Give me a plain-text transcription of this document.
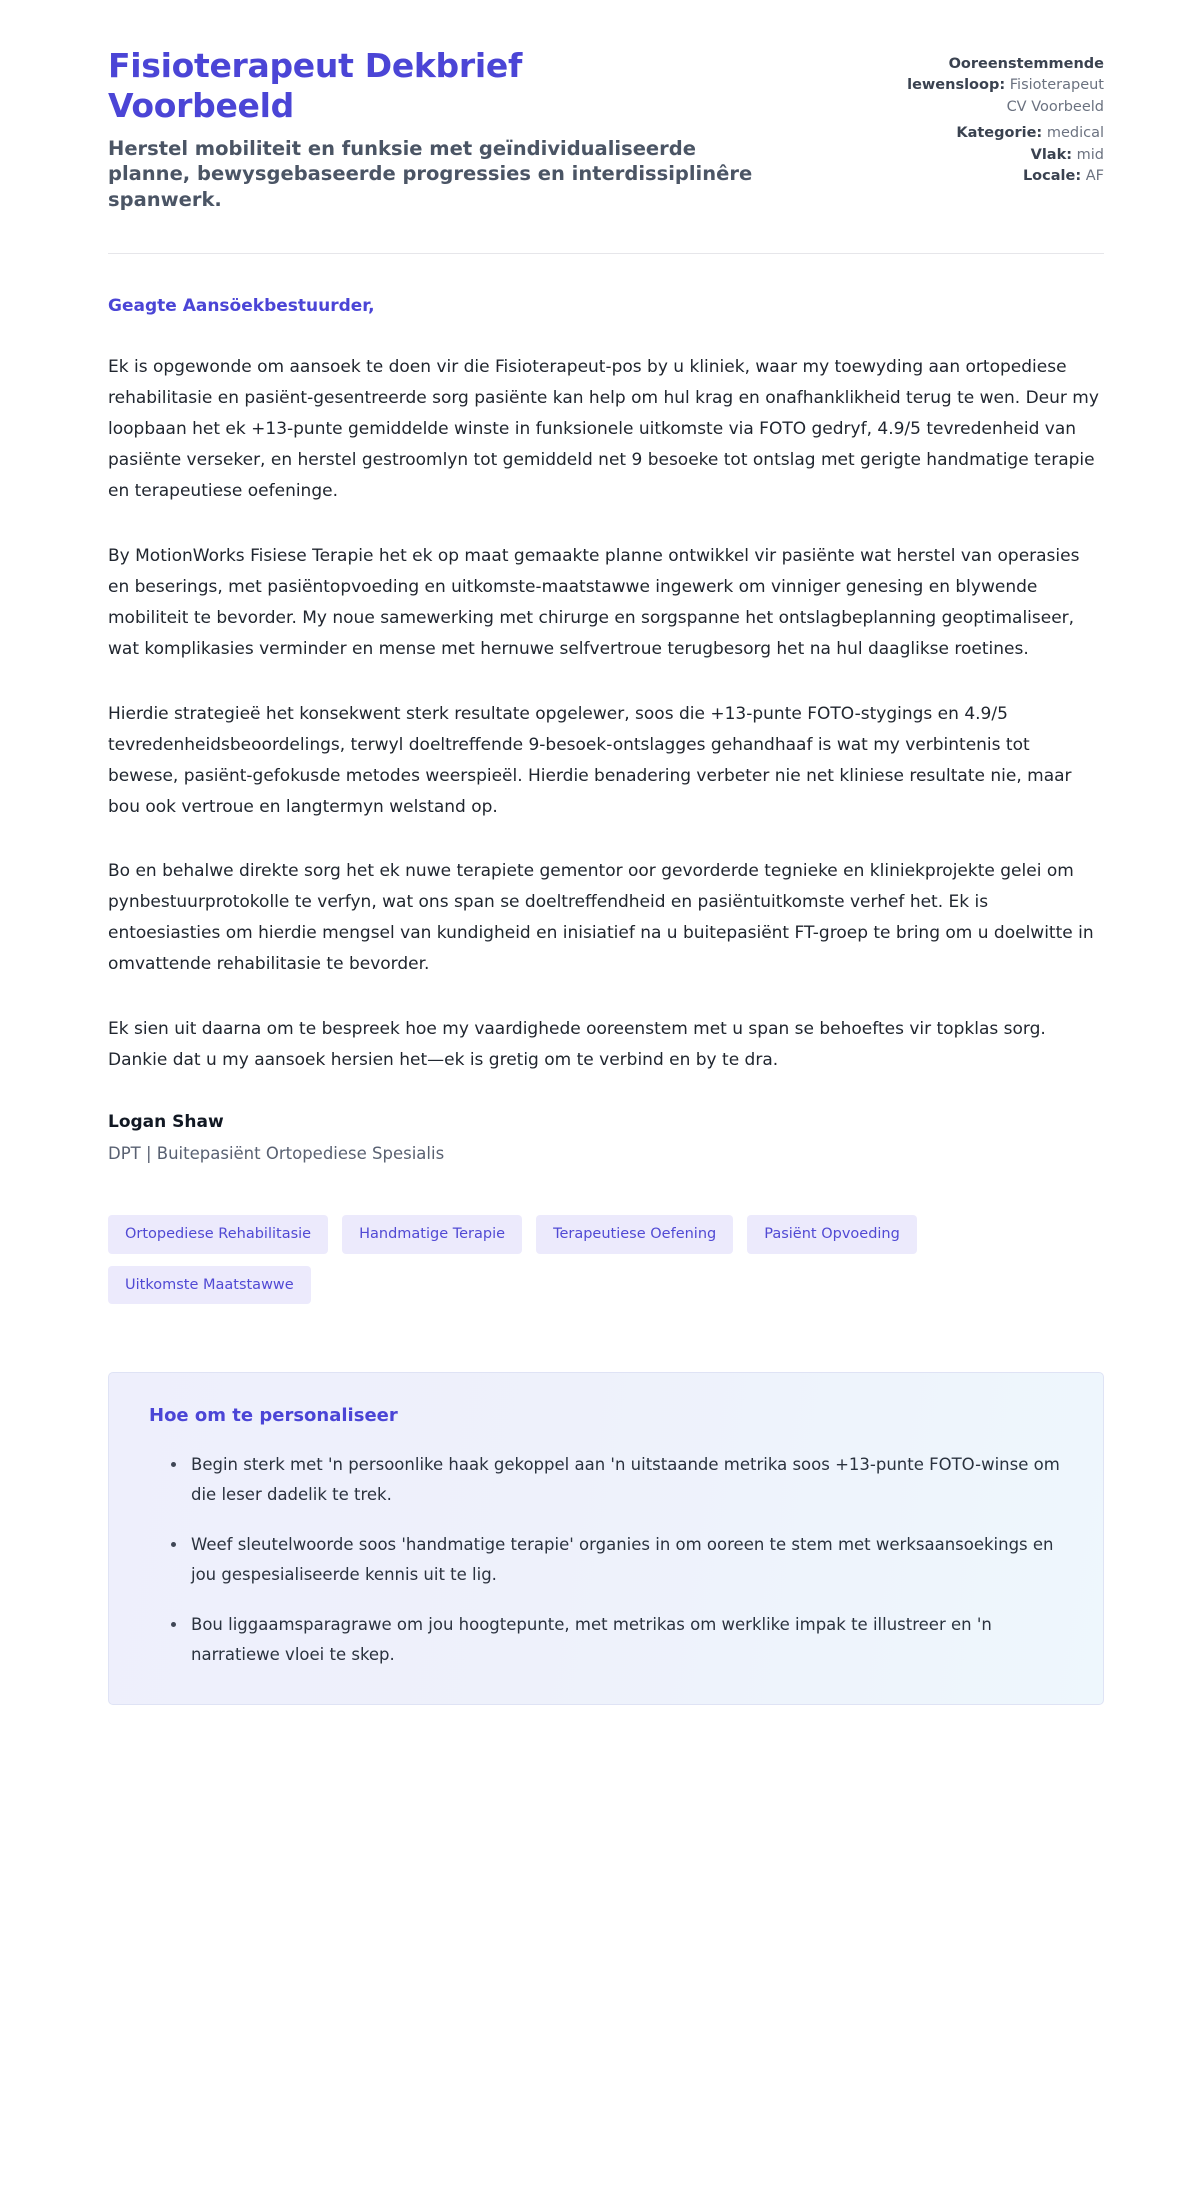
Fisioterapeut Dekbrief Voorbeeld

Herstel mobiliteit en funksie met geïndividualiseerde planne, bewysgebaseerde progressies en interdissiplinêre spanwerk.

Ooreenstemmende lewensloop: Fisioterapeut CV Voorbeeld
Kategorie: medical
Vlak: mid
Locale: AF

Geagte Aansöekbestuurder,

Ek is opgewonde om aansoek te doen vir die Fisioterapeut-pos by u kliniek, waar my toewyding aan ortopediese rehabilitasie en pasiënt-gesentreerde sorg pasiënte kan help om hul krag en onafhanklikheid terug te wen. Deur my loopbaan het ek +13-punte gemiddelde winste in funksionele uitkomste via FOTO gedryf, 4.9/5 tevredenheid van pasiënte verseker, en herstel gestroomlyn tot gemiddeld net 9 besoeke tot ontslag met gerigte handmatige terapie en terapeutiese oefeninge.

By MotionWorks Fisiese Terapie het ek op maat gemaakte planne ontwikkel vir pasiënte wat herstel van operasies en beserings, met pasiëntopvoeding en uitkomste-maatstawwe ingewerk om vinniger genesing en blywende mobiliteit te bevorder. My noue samewerking met chirurge en sorgspanne het ontslagbeplanning geoptimaliseer, wat komplikasies verminder en mense met hernuwe selfvertroue terugbesorg het na hul daaglikse roetines.

Hierdie strategieë het konsekwent sterk resultate opgelewer, soos die +13-punte FOTO-stygings en 4.9/5 tevredenheidsbeoordelings, terwyl doeltreffende 9-besoek-ontslagges gehandhaaf is wat my verbintenis tot bewese, pasiënt-gefokusde metodes weerspieël. Hierdie benadering verbeter nie net kliniese resultate nie, maar bou ook vertroue en langtermyn welstand op.

Bo en behalwe direkte sorg het ek nuwe terapiete gementor oor gevorderde tegnieke en kliniekprojekte gelei om pynbestuurprotokolle te verfyn, wat ons span se doeltreffendheid en pasiëntuitkomste verhef het. Ek is entoesiasties om hierdie mengsel van kundigheid en inisiatief na u buitepasiënt FT-groep te bring om u doelwitte in omvattende rehabilitasie te bevorder.

Ek sien uit daarna om te bespreek hoe my vaardighede ooreenstem met u span se behoeftes vir topklas sorg. Dankie dat u my aansoek hersien het—ek is gretig om te verbind en by te dra.

Logan Shaw

DPT | Buitepasiënt Ortopediese Spesialis

Ortopediese Rehabilitasie	Handmatige Terapie	Terapeutiese Oefening	Pasiënt Opvoeding
Uitkomste Maatstawwe
Hoe om te personaliseer
Begin sterk met 'n persoonlike haak gekoppel aan 'n uitstaande metrika soos +13-punte FOTO-winse om die leser dadelik te trek.
Weef sleutelwoorde soos 'handmatige terapie' organies in om ooreen te stem met werksaansoekings en jou gespesialiseerde kennis uit te lig.
Bou liggaamsparagrawe om jou hoogtepunte, met metrikas om werklike impak te illustreer en 'n narratiewe vloei te skep.
